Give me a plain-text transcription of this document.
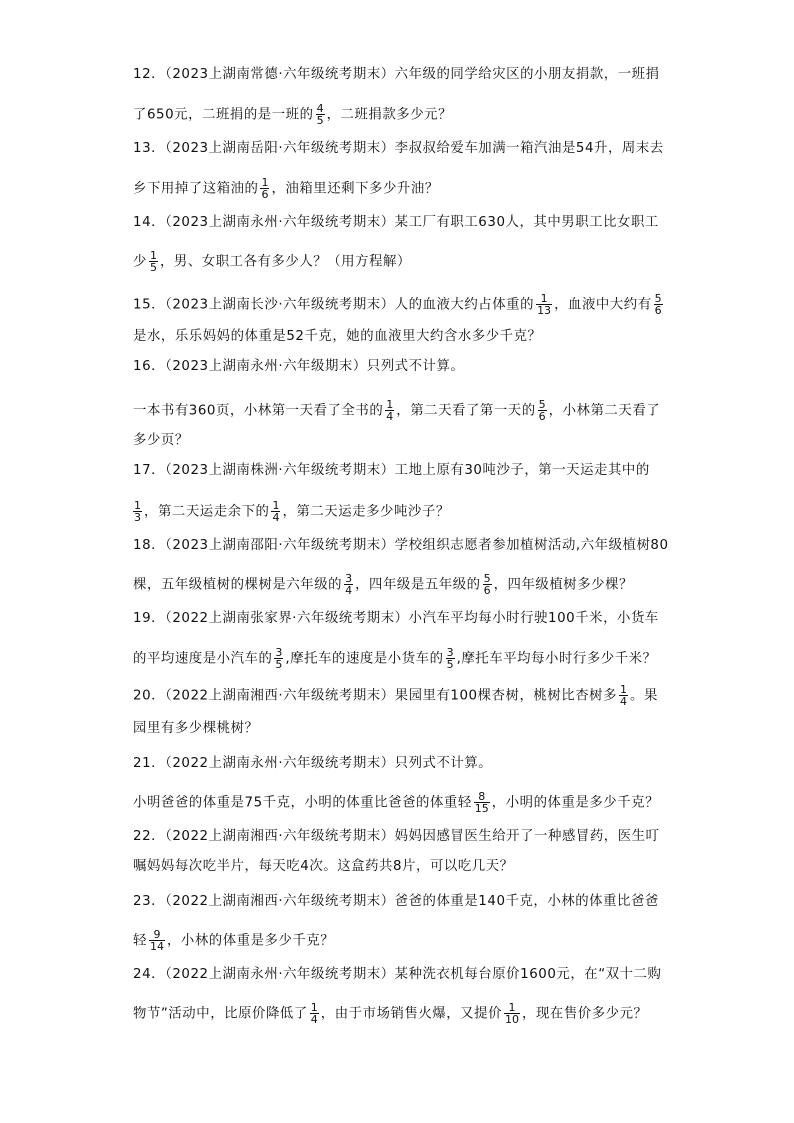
12．（2023上湖南常德·六年级统考期末）六年级的同学给灾区的小朋友捐款，一班捐
了650元，二班捐的是一班的 $\frac{4}{5}$ ，二班捐款多少元？
13．（2023上湖南岳阳·六年级统考期末）李叔叔给爱车加满一箱汽油是54升，周末去
乡下用掉了这箱油的 $\frac{1}{6}$ ，油箱里还剩下多少升油？
14．（2023上湖南永州·六年级统考期末）某工厂有职工630人，其中男职工比女职工
少 $\frac{1}{5}$ ，男、女职工各有多少人？（用方程解）
15．（2023上湖南长沙·六年级统考期末）人的血液大约占体重的 $\frac{1}{13}$ ，血液中大约有 $\frac{5}{6}$
是水，乐乐妈妈的体重是52千克，她的血液里大约含水多少千克？
16．（2023上湖南永州·六年级期末）只列式不计算。
一本书有360页，小林第一天看了全书的 $\frac{1}{4}$ ，第二天看了第一天的 $\frac{5}{6}$ ，小林第二天看了
多少页？
17．（2023上湖南株洲·六年级统考期末）工地上原有30吨沙子，第一天运走其中的
$\frac{1}{3}$ ，第二天运走余下的 $\frac{1}{4}$ ，第二天运走多少吨沙子？
18．（2023上湖南邵阳·六年级统考期末）学校组织志愿者参加植树活动,六年级植树80
棵，五年级植树的棵树是六年级的 $\frac{3}{4}$ ，四年级是五年级的 $\frac{5}{6}$ ，四年级植树多少棵？
19．（2022上湖南张家界·六年级统考期末）小汽车平均每小时行驶100千米，小货车
的平均速度是小汽车的 $\frac{3}{5}$ ,摩托车的速度是小货车的 $\frac{3}{5}$ ,摩托车平均每小时行多少千米？
20．（2022上湖南湘西·六年级统考期末）果园里有100棵杏树，桃树比杏树多 $\frac{1}{4}$ 。果
园里有多少棵桃树？
21．（2022上湖南永州·六年级统考期末）只列式不计算。
小明爸爸的体重是75千克，小明的体重比爸爸的体重轻 $\frac{8}{15}$ ，小明的体重是多少千克？
22．（2022上湖南湘西·六年级统考期末）妈妈因感冒医生给开了一种感冒药，医生叮
嘱妈妈每次吃半片，每天吃4次。这盒药共8片，可以吃几天？
23．（2022上湖南湘西·六年级统考期末）爸爸的体重是140千克，小林的体重比爸爸
轻 $\frac{9}{14}$ ，小林的体重是多少千克？
24．（2022上湖南永州·六年级统考期末）某种洗衣机每台原价1600元，在“双十二购
物节”活动中，比原价降低了 $\frac{1}{4}$ ，由于市场销售火爆，又提价 $\frac{1}{10}$ ，现在售价多少元？
